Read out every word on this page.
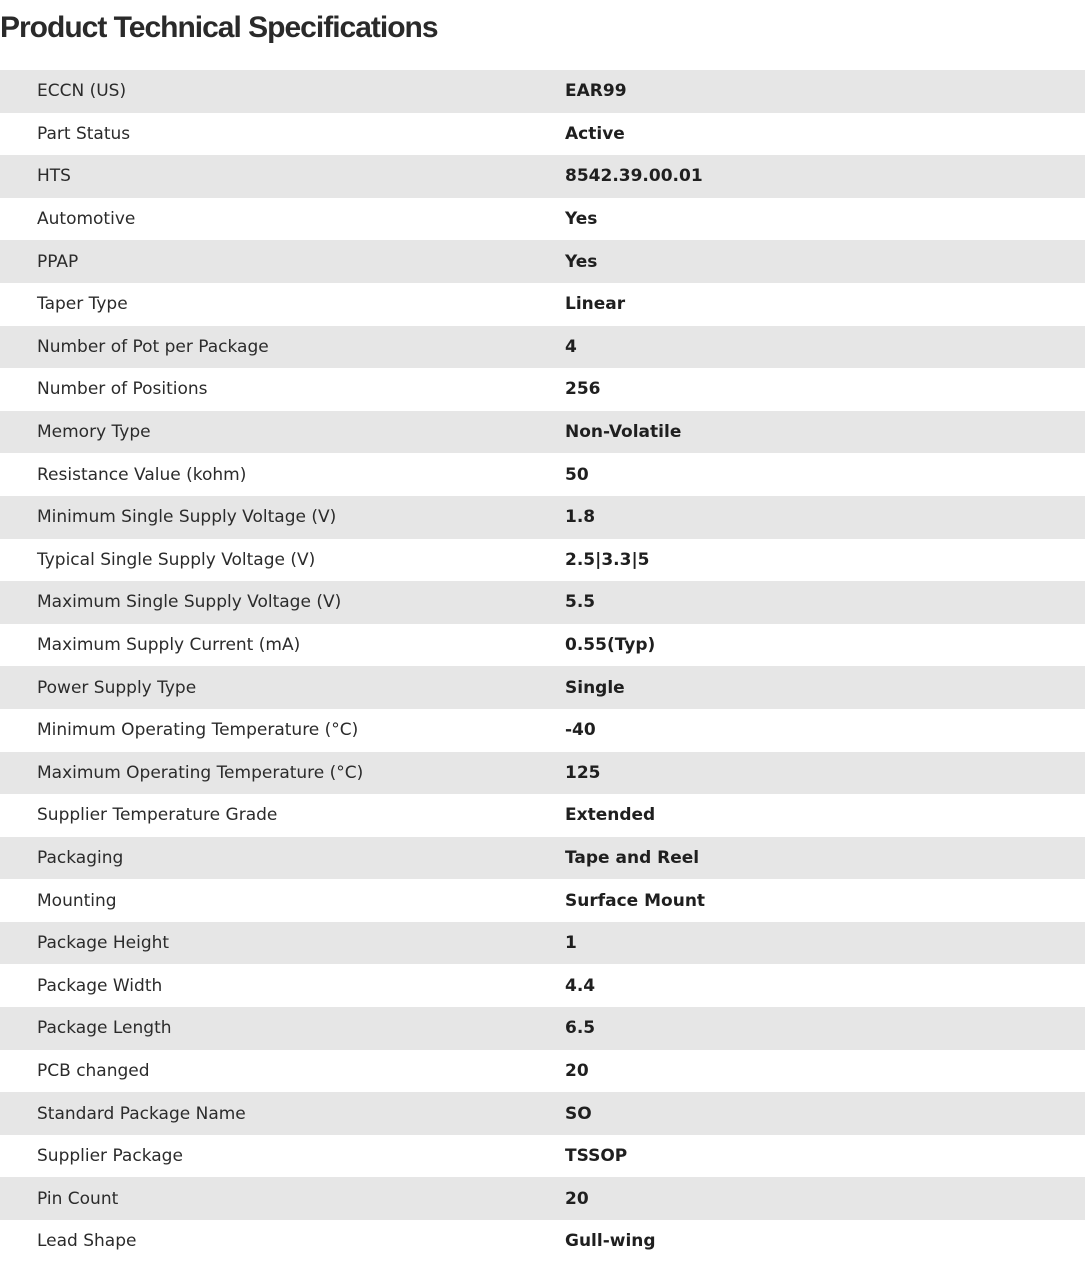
Product Technical Specifications
ECCN (US)	EAR99
Part Status	Active
HTS	8542.39.00.01
Automotive	Yes
PPAP	Yes
Taper Type	Linear
Number of Pot per Package	4
Number of Positions	256
Memory Type	Non-Volatile
Resistance Value (kohm)	50
Minimum Single Supply Voltage (V)	1.8
Typical Single Supply Voltage (V)	2.5|3.3|5
Maximum Single Supply Voltage (V)	5.5
Maximum Supply Current (mA)	0.55(Typ)
Power Supply Type	Single
Minimum Operating Temperature (°C)	-40
Maximum Operating Temperature (°C)	125
Supplier Temperature Grade	Extended
Packaging	Tape and Reel
Mounting	Surface Mount
Package Height	1
Package Width	4.4
Package Length	6.5
PCB changed	20
Standard Package Name	SO
Supplier Package	TSSOP
Pin Count	20
Lead Shape	Gull-wing
